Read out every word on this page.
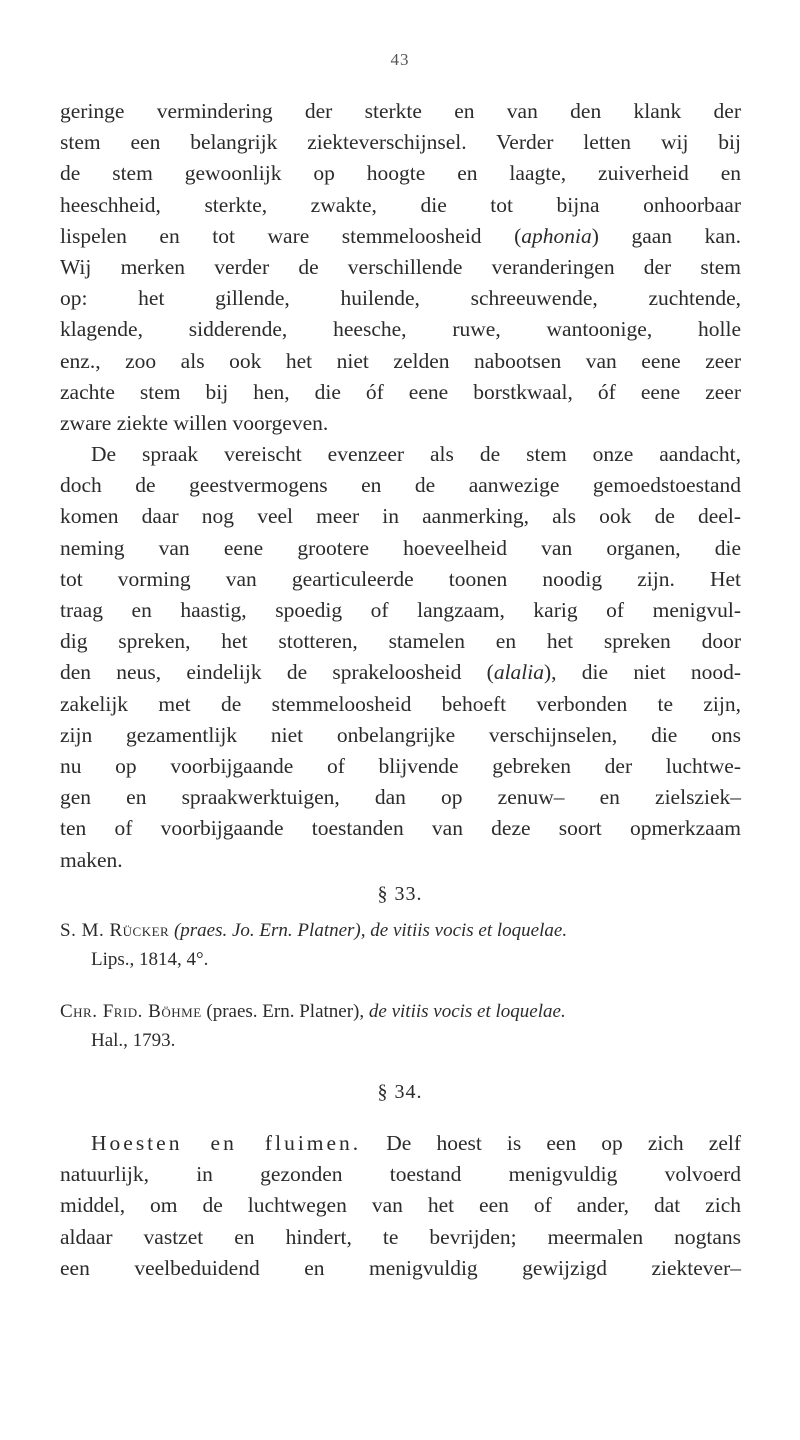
43
geringe vermindering der sterkte en van den klank der
stem een belangrijk ziekteverschijnsel. Verder letten wij bij
de stem gewoonlijk op hoogte en laagte, zuiverheid en
heeschheid, sterkte, zwakte, die tot bijna onhoorbaar
lispelen en tot ware stemmeloosheid (aphonia) gaan kan.
Wij merken verder de verschillende veranderingen der stem
op: het gillende, huilende, schreeuwende, zuchtende,
klagende, sidderende, heesche, ruwe, wantoonige, holle
enz., zoo als ook het niet zelden nabootsen van eene zeer
zachte stem bij hen, die óf eene borstkwaal, óf eene zeer
zware ziekte willen voorgeven.
De spraak vereischt evenzeer als de stem onze aandacht,
doch de geestvermogens en de aanwezige gemoedstoestand
komen daar nog veel meer in aanmerking, als ook de deel-
neming van eene grootere hoeveelheid van organen, die
tot vorming van gearticuleerde toonen noodig zijn. Het
traag en haastig, spoedig of langzaam, karig of menigvul-
dig spreken, het stotteren, stamelen en het spreken door
den neus, eindelijk de sprakeloosheid (alalia), die niet nood-
zakelijk met de stemmeloosheid behoeft verbonden te zijn,
zijn gezamentlijk niet onbelangrijke verschijnselen, die ons
nu op voorbijgaande of blijvende gebreken der luchtwe-
gen en spraakwerktuigen, dan op zenuw– en zielsziek–
ten of voorbijgaande toestanden van deze soort opmerkzaam
maken.
§ 33.
S. M. Rücker (praes. Jo. Ern. Platner), de vitiis vocis et loquelae.
Lips., 1814, 4°.
Chr. Frid. Böhme (praes. Ern. Platner), de vitiis vocis et loquelae.
Hal., 1793.
§ 34.
Hoesten en fluimen. De hoest is een op zich zelf
natuurlijk, in gezonden toestand menigvuldig volvoerd
middel, om de luchtwegen van het een of ander, dat zich
aldaar vastzet en hindert, te bevrijden; meermalen nogtans
een veelbeduidend en menigvuldig gewijzigd ziektever–
